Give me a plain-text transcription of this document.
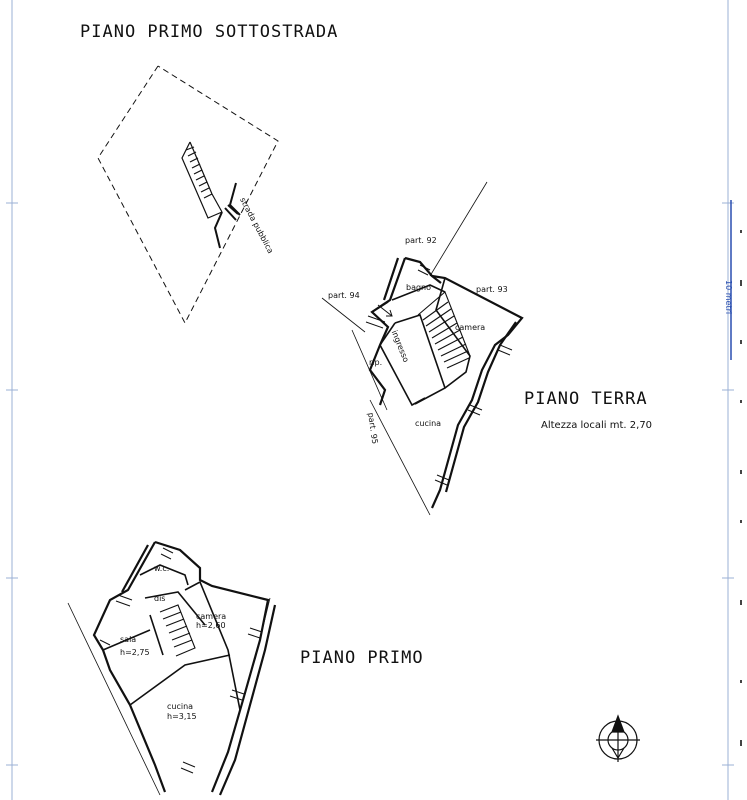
PIANO PRIMO SOTTOSTRADA
PIANO TERRA
Altezza locali mt. 2,70
PIANO PRIMO
strada pubblica	part. 92
part. 93
part. 94
part. 95
bagno
camera
ingresso
rip.
cucina
w.c.
dis
camera
h=2,60
sala
h=2,75
cucina
h=3,15
10 metri
